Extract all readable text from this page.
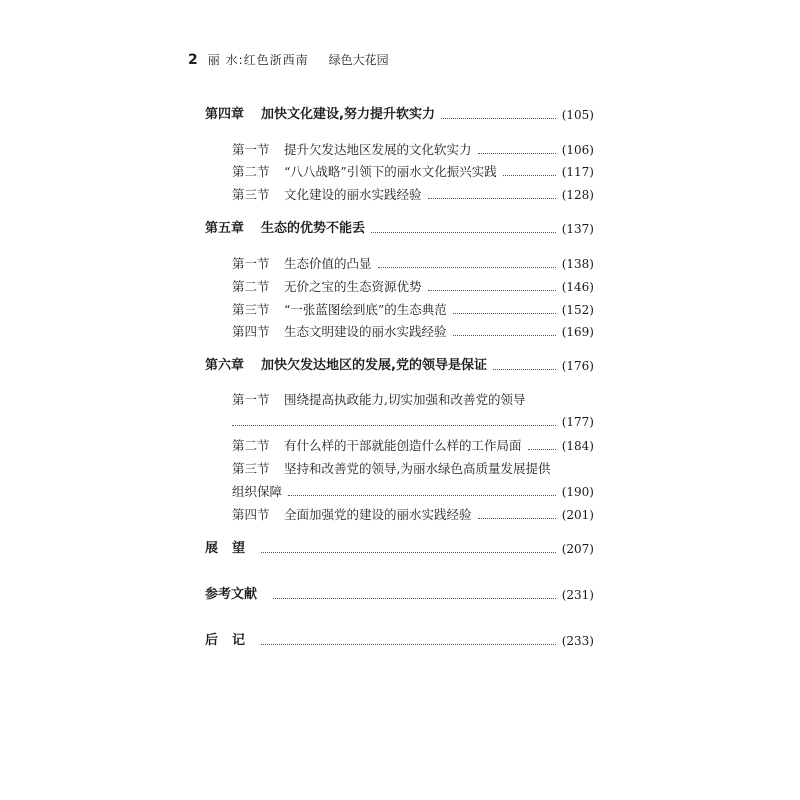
2 丽 水:红色浙西南 绿色大花园
第四章	加快文化建设,努力提升软实力	(105)
第一节	提升欠发达地区发展的文化软实力	(106)
第二节	“八八战略”引领下的丽水文化振兴实践	(117)
第三节	文化建设的丽水实践经验	(128)
第五章	生态的优势不能丢	(137)
第一节	生态价值的凸显	(138)
第二节	无价之宝的生态资源优势	(146)
第三节	“一张蓝图绘到底”的生态典范	(152)
第四节	生态文明建设的丽水实践经验	(169)
第六章	加快欠发达地区的发展,党的领导是保证	(176)
第一节	围绕提高执政能力,切实加强和改善党的领导
(177)
第二节	有什么样的干部就能创造什么样的工作局面	(184)
第三节	坚持和改善党的领导,为丽水绿色高质量发展提供
组织保障	(190)
第四节	全面加强党的建设的丽水实践经验	(201)
展望	(207)
参考文献	(231)
后记	(233)
